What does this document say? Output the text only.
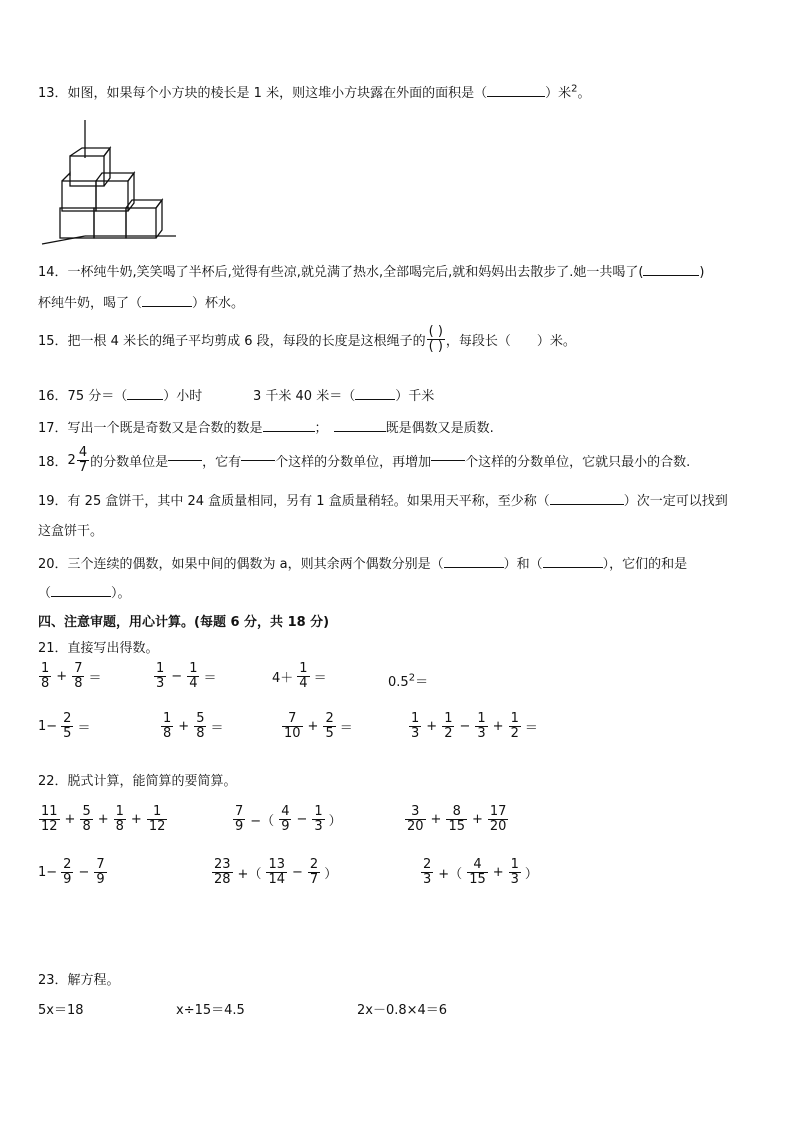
13．如图，如果每个小方块的棱长是 1 米，则这堆小方块露在外面的面积是（	）米$^2$。
14．一杯纯牛奶,笑笑喝了半杯后,觉得有些凉,就兑满了热水,全部喝完后,就和妈妈出去散步了.她一共喝了(	)
杯纯牛奶，喝了（	）杯水。
15．把一根 4 米长的绳子平均剪成 6 段，每段的长度是这根绳子的 $\frac{( )}{( )}$ ，每段长（　　）米。
16．75 分＝（	）小时	3 千米 40 米＝（	）千米
17．写出一个既是奇数又是合数的数是	；	既是偶数又是质数.
18． $2 \frac{4}{7}$ 的分数单位是	，它有	个这样的分数单位，再增加	个这样的分数单位，它就只最小的合数.
19．有 25 盒饼干，其中 24 盒质量相同，另有 1 盒质量稍轻。如果用天平称，至少称（	）次一定可以找到
这盒饼干。
20．三个连续的偶数，如果中间的偶数为 a，则其余两个偶数分别是（	）和（	），它们的和是
（	）。
四、注意审题，用心计算。(每题 6 分，共 18 分)
21．直接写出得数。
$\frac{1}{8} + \frac{7}{8}$ ＝	$\frac{1}{3} - \frac{1}{4}$ ＝	$4+ \frac{1}{4}$ ＝	$0.5^2=$
$1- \frac{2}{5}$ ＝	$\frac{1}{8} + \frac{5}{8}$ ＝	$\frac{7}{10} + \frac{2}{5}$ ＝	$\frac{1}{3} + \frac{1}{2} - \frac{1}{3} + \frac{1}{2}$ ＝
22．脱式计算，能简算的要简算。
$\frac{11}{12} + \frac{5}{8} + \frac{1}{8} + \frac{1}{12}$	$\frac{7}{9}$ −（ $\frac{4}{9} - \frac{1}{3}$ ）	$\frac{3}{20} + \frac{8}{15} + \frac{17}{20}$
$1- \frac{2}{9} - \frac{7}{9}$	$\frac{23}{28}$ +（ $\frac{13}{14} - \frac{2}{7}$ ）	$\frac{2}{3}$ +（ $\frac{4}{15} + \frac{1}{3}$ ）
23．解方程。
5x＝18	x÷15＝4.5	2x－0.8×4＝6
